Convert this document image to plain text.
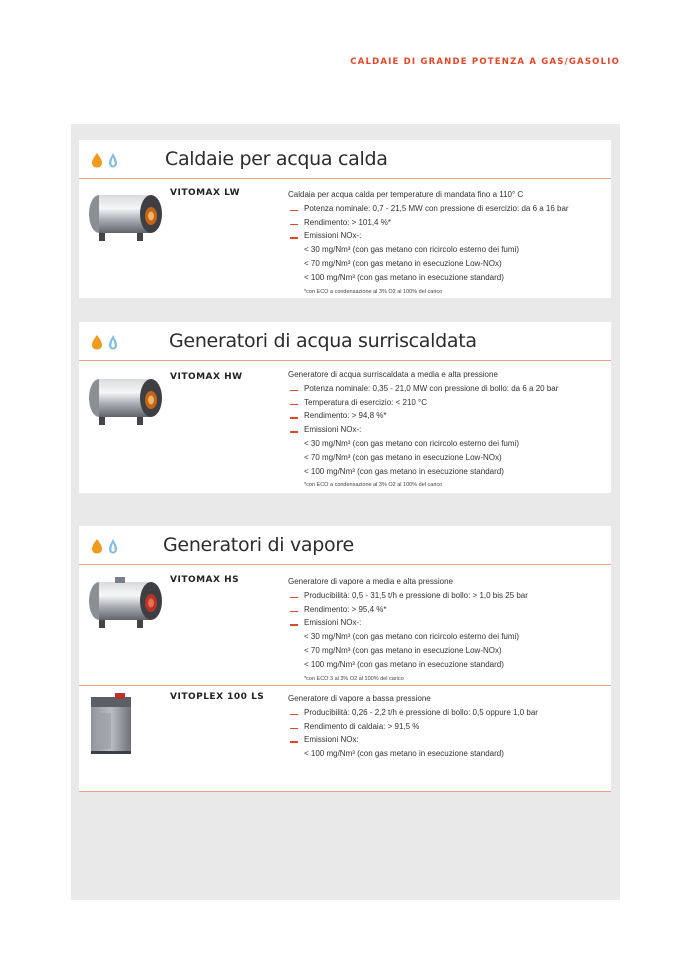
CALDAIE DI GRANDE POTENZA A GAS/GASOLIO
Caldaie per acqua calda
VITOMAX LW	Caldaia per acqua calda per temperature di mandata fino a 110° C
Potenza nominale: 0,7 - 21,5 MW con pressione di esercizio: da 6 a 16 bar
Rendimento: > 101,4 %*
Emissioni NOx-:
< 30 mg/Nm³ (con gas metano con ricircolo esterno dei fumi)
< 70 mg/Nm³ (con gas metano in esecuzione Low-NOx)
< 100 mg/Nm³ (con gas metano in esecuzione standard)
*con ECO a condensazione al 3% O2 al 100% del carico
Generatori di acqua surriscaldata
VITOMAX HW	Generatore di acqua surriscaldata a media e alta pressione
Potenza nominale: 0,35 - 21,0 MW con pressione di bollo: da 6 a 20 bar
Temperatura di esercizio: < 210 °C
Rendimento: > 94,8 %*
Emissioni NOx-:
< 30 mg/Nm³ (con gas metano con ricircolo esterno dei fumi)
< 70 mg/Nm³ (con gas metano in esecuzione Low-NOx)
< 100 mg/Nm³ (con gas metano in esecuzione standard)
*con ECO a condensazione al 3% O2 al 100% del carico
Generatori di vapore
VITOMAX HS	Generatore di vapore a media e alta pressione
Producibilità: 0,5 - 31,5 t/h e pressione di bollo: > 1,0 bis 25 bar
Rendimento: > 95,4 %*
Emissioni NOx-:
< 30 mg/Nm³ (con gas metano con ricircolo esterno dei fumi)
< 70 mg/Nm³ (con gas metano in esecuzione Low-NOx)
< 100 mg/Nm³ (con gas metano in esecuzione standard)
*con ECO 3 al 3% O2 al 100% del carico
VITOPLEX 100 LS	Generatore di vapore a bassa pressione
Producibilità: 0,26 - 2,2 t/h e pressione di bollo: 0,5 oppure 1,0 bar
Rendimento di caldaia: > 91,5 %
Emissioni NOx:
< 100 mg/Nm³ (con gas metano in esecuzione standard)
